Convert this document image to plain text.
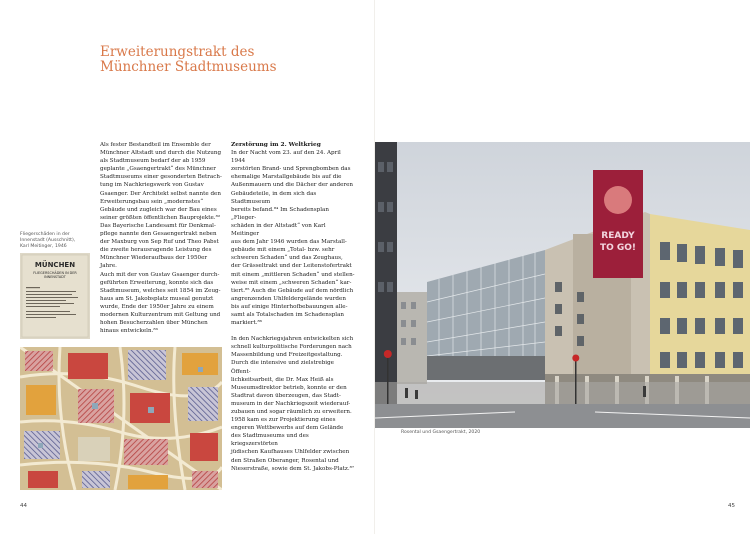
Erweiterungstrakt des
Münchner Stadtmuseums

Als fester Bestandteil im Ensemble der
Münchner Altstadt und durch die Nutzung
als Stadtmuseum bedarf der ab 1959
geplante „Gsaengertrakt“ des Münchner
Stadtmuseums einer gesonderten Betrach-
tung im Nachkriegswerk von Gustav
Gsaenger. Der Architekt selbst nannte den
Erweiterungsbau sein „modernstes“
Gebäude und zugleich war der Bau eines
seiner größten öffentlichen Bauprojekte.⁸²
Das Bayerische Landesamt für Denkmal-
pflege nannte den Gesaengertrakt neben
der Maxburg von Sep Ruf und Theo Pabst
die zweite herausragende Leistung des
Münchner Wiederaufbaus der 1950er Jahre.
Auch mit der von Gustav Gsaenger durch-
geführten Erweiterung, konnte sich das
Stadtmuseum, welches seit 1854 im Zeug-
haus am St. Jakobsplatz museal genutzt
wurde, Ende der 1950er Jahre zu einem
modernen Kulturzentrum mit Geltung und
hohen Besucherzahlen über München
hinaus entwickeln.⁸³

Zerstörung im 2. Weltkrieg

In der Nacht vom 23. auf den 24. April 1944
zerstörten Brand- und Sprengbomben das
ehemalige Marstallgebäude bis auf die
Außenmauern und die Dächer der anderen
Gebäudeteile, in dem sich das Stadtmuseum
bereits befand.⁸⁴ Im Schadensplan „Flieger-
schäden in der Altstadt“ von Karl Meitinger
aus dem Jahr 1946 wurden das Marstall-
gebäude mit einem „Total- bzw. sehr
schweren Schaden“ und das Zeughaus,
der Grässeltrakt und der Leitenstofertrakt
mit einem „mittleren Schaden“ und stellen-
weise mit einem „schweren Schaden“ kar-
tiert.⁸⁵ Auch die Gebäude auf dem nördlich
angrenzenden Uhlfeldergelände wurden
bis auf einige Hinterhofbebauungen alle-
samt als Totalschaden im Schadensplan
markiert.⁸⁶

In den Nachkriegsjahren entwickelten sich
schnell kulturpolitische Forderungen nach
Massenbildung und Freizeitgestaltung.
Durch die intensive und zielstrebige Öffent-
lichkeitsarbeit, die Dr. Max Heiß als
Museumsdirektor betrieb, konnte er den
Stadtrat davon überzeugen, das Stadt-
museum in der Nachkriegszeit wiederauf-
zubauen und sogar räumlich zu erweitern.
1958 kam es zur Projektierung eines
engeren Wettbewerbs auf dem Gelände
des Stadtmuseums und des kriegszerstörten
jüdischen Kaufhauses Uhlfelder zwischen
den Straßen Oberanger, Rosental und
Nieserstraße, sowie dem St. Jakobs-Platz.⁸⁷

Fliegerschäden in der
Innenstadt (Ausschnitt),
Karl Meitinger, 1946
MÜNCHEN
FLIEGERSCHÄDEN IN DER
INNENSTADT
READY
TO GO!
Rosental und Gsaengertrakt, 2020
44	45
